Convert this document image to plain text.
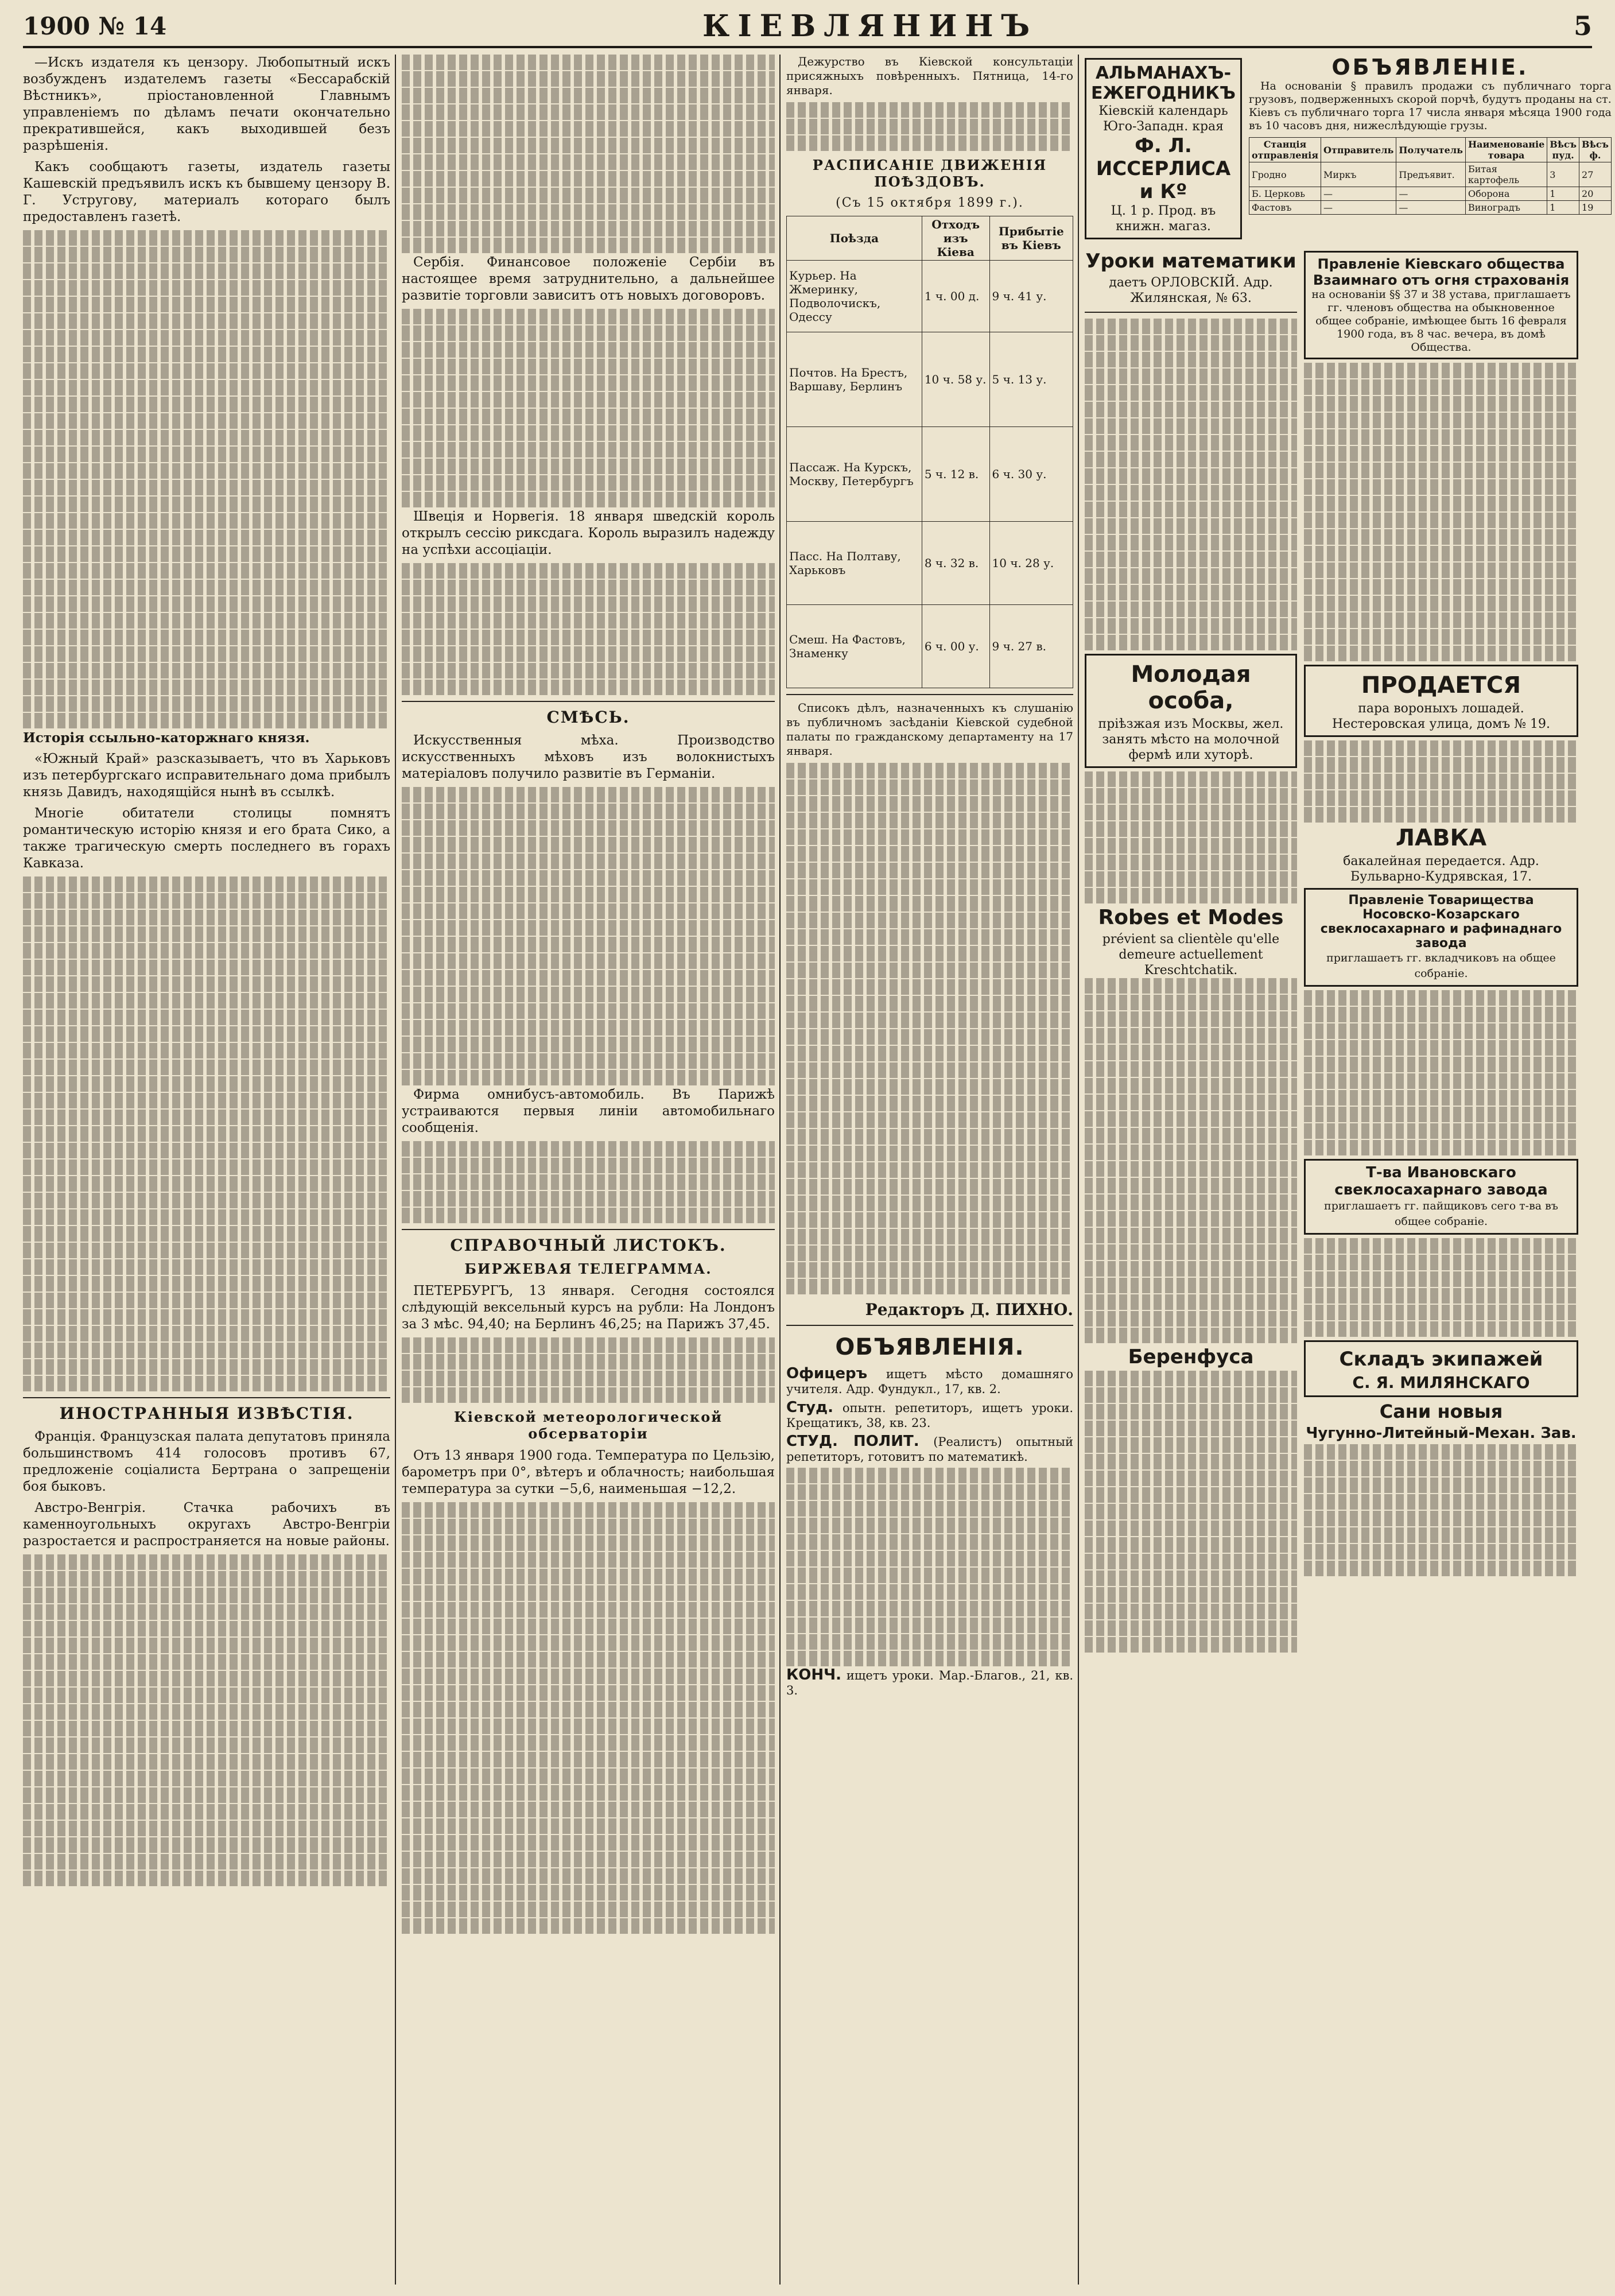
1900 № 14	КІЕВЛЯНИНЪ	5

—Искъ издателя къ цензору. Любопытный искъ возбужденъ издателемъ газеты «Бессарабскій Вѣстникъ», пріостановленной Главнымъ управленіемъ по дѣламъ печати окончательно прекратившейся, какъ выходившей безъ разрѣшенія.

Какъ сообщаютъ газеты, издатель газеты Кашевскій предъявилъ искъ къ бывшему цензору В. Г. Устругову, материалъ котораго былъ предоставленъ газетѣ.

Исторія ссыльно-каторжнаго князя.

«Южный Край» разсказываетъ, что въ Харьковъ изъ петербургскаго исправительнаго дома прибылъ князь Давидъ, находящійся нынѣ въ ссылкѣ.

Многіе обитатели столицы помнятъ романтическую исторію князя и его брата Сико, а также трагическую смерть последнего въ горахъ Кавказа.

ИНОСТРАННЫЯ ИЗВѢСТІЯ.

Франція. Французская палата депутатовъ приняла большинствомъ 414 голосовъ противъ 67, предложеніе соціалиста Бертрана о запрещеніи боя быковъ.

Австро-Венгрія. Стачка рабочихъ въ каменноугольныхъ округахъ Австро-Венгріи разростается и распространяется на новые районы.

Сербія. Финансовое положеніе Сербіи въ настоящее время затруднительно, а дальнейшее развитіе торговли зависитъ отъ новыхъ договоровъ.

Швеція и Норвегія. 18 января шведскій король открылъ сессію риксдага. Король выразилъ надежду на успѣхи ассоціаціи.

СМѢСЬ.

Искусственныя мѣха. Производство искусственныхъ мѣховъ изъ волокнистыхъ матеріаловъ получило развитіе въ Германіи.

Фирма омнибусъ-автомобиль. Въ Парижѣ устраиваются первыя линіи автомобильнаго сообщенія.

СПРАВОЧНЫЙ ЛИСТОКЪ.
БИРЖЕВАЯ ТЕЛЕГРАММА.

ПЕТЕРБУРГЪ, 13 января. Сегодня состоялся слѣдующій вексельный курсъ на рубли: На Лондонъ за 3 мѣс. 94,40; на Берлинъ 46,25; на Парижъ 37,45.

Кіевской метеорологической обсерваторіи

Отъ 13 января 1900 года. Температура по Цельзію, барометръ при 0°, вѣтеръ и облачность; наибольшая температура за сутки −5,6, наименьшая −12,2.

Дежурство въ Кіевской консультаціи присяжныхъ повѣренныхъ. Пятница, 14-го января.

РАСПИСАНІЕ ДВИЖЕНІЯ ПОѢЗДОВЪ.
(Съ 15 октября 1899 г.).
Поѣзда	Отходъ изъ Кіева	Прибытіе въ Кіевъ
Курьер. На Жмеринку, Подволочискъ, Одессу	1 ч. 00 д.	9 ч. 41 у.
Почтов. На Брестъ, Варшаву, Берлинъ	10 ч. 58 у.	5 ч. 13 у.
Пассаж. На Курскъ, Москву, Петербургъ	5 ч. 12 в.	6 ч. 30 у.
Пасс. На Полтаву, Харьковъ	8 ч. 32 в.	10 ч. 28 у.
Смеш. На Фастовъ, Знаменку	6 ч. 00 у.	9 ч. 27 в.

Списокъ дѣлъ, назначенныхъ къ слушанію въ публичномъ засѣданіи Кіевской судебной палаты по гражданскому департаменту на 17 января.

Редакторъ Д. ПИХНО.
ОБЪЯВЛЕНІЯ.

Офицеръ ищетъ мѣсто домашняго учителя. Адр. Фундукл., 17, кв. 2.

Студ. опытн. репетиторъ, ищетъ уроки. Крещатикъ, 38, кв. 23.

СТУД. ПОЛИТ. (Реалистъ) опытный репетиторъ, готовитъ по математикѣ.

КОНЧ. ищетъ уроки. Мар.-Благов., 21, кв. 3.

АЛЬМАНАХЪ-ЕЖЕГОДНИКЪ
Кіевскій календарь Юго-Западн. края
Ф. Л. ИССЕРЛИСА и Кº
Ц. 1 р. Прод. въ книжн. магаз.
ОБЪЯВЛЕНІЕ.

На основаніи § правилъ продажи съ публичнаго торга грузовъ, подверженныхъ скорой порчѣ, будутъ проданы на ст. Кіевъ съ публичнаго торга 17 числа января мѣсяца 1900 года въ 10 часовъ дня, нижеслѣдующіе грузы.

Станція отправленія	Отправитель	Получатель	Наименованіе товара	Вѣсъ пуд.	Вѣсъ ф.
Гродно	Миркъ	Предъявит.	Битая картофель	3	27
Б. Церковь	—	—	Оборона	1	20
Фастовъ	—	—	Виноградъ	1	19
Уроки математики
даетъ ОРЛОВСКІЙ. Адр. Жилянская, № 63.
Молодая особа,
пріѣзжая изъ Москвы, жел. занять мѣсто на молочной фермѣ или хуторѣ.
Robes et Modes
prévient sa clientèle qu'elle demeure actuellement Kreschtchatik.
Беренфуса
Правленіе Кіевскаго общества Взаимнаго отъ огня страхованія
на основаніи §§ 37 и 38 устава, приглашаетъ гг. членовъ общества на обыкновенное общее собраніе, имѣющее быть 16 февраля 1900 года, въ 8 час. вечера, въ домѣ Общества.
ПРОДАЕТСЯ
пара вороныхъ лошадей. Нестеровская улица, домъ № 19.
ЛАВКА
бакалейная передается. Адр. Бульварно-Кудрявская, 17.
Правленіе Товарищества Носовско-Козарскаго свеклосахарнаго и рафинаднаго завода
приглашаетъ гг. вкладчиковъ на общее собраніе.
Т-ва Ивановскаго свеклосахарнаго завода
приглашаетъ гг. пайщиковъ сего т-ва въ общее собраніе.
Складъ экипажей
С. Я. МИЛЯНСКАГО
Сани новыя
Чугунно-Литейный-Механ. Зав.
